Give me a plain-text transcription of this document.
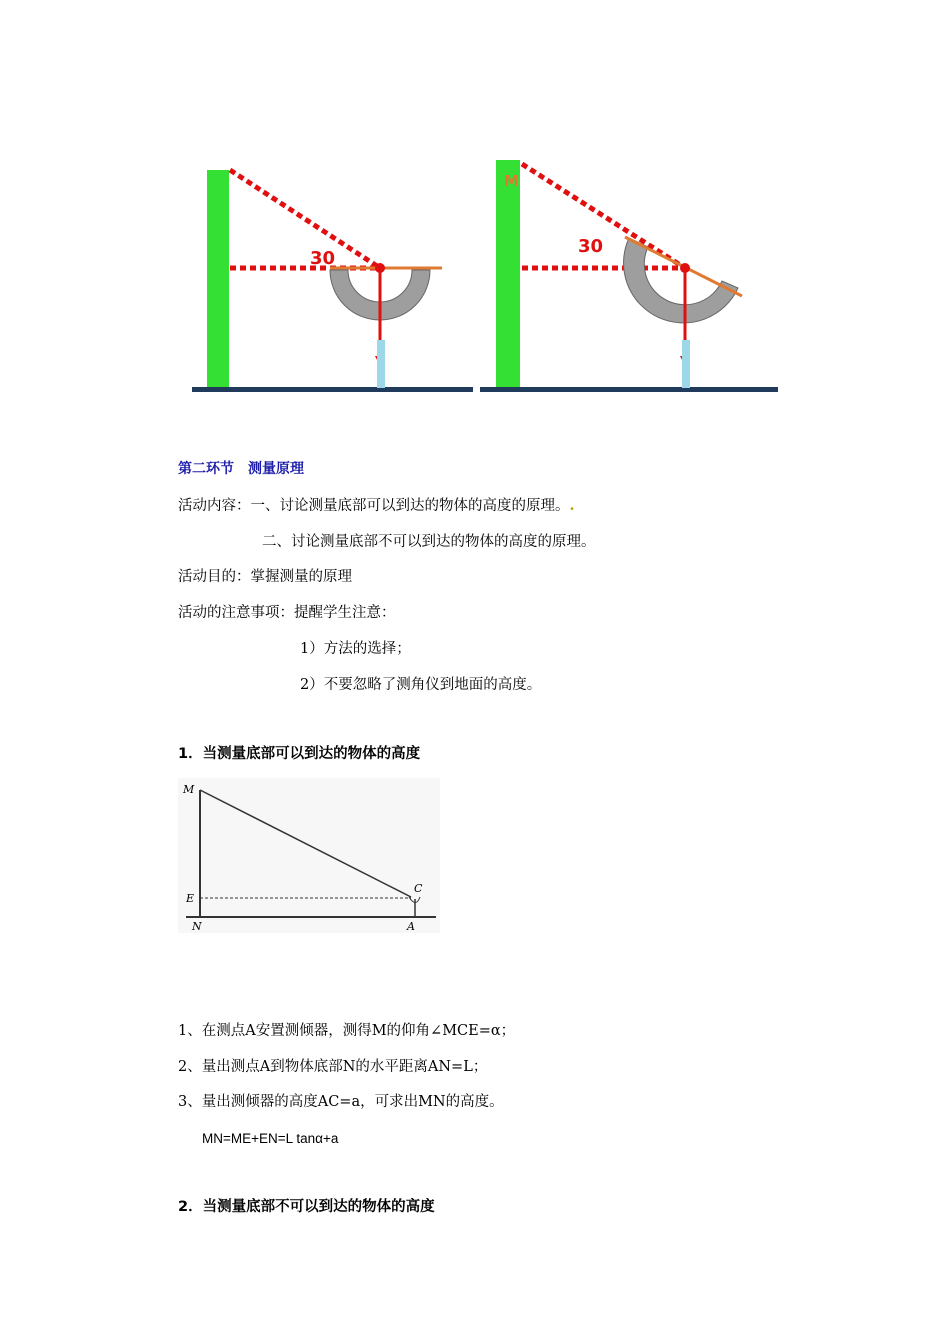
30
M
30
第二环节　测量原理
活动内容：一、讨论测量底部可以到达的物体的高度的原理。.
二、讨论测量底部不可以到达的物体的高度的原理。
活动目的：掌握测量的原理
活动的注意事项：提醒学生注意：
1）方法的选择；
2）不要忽略了测角仪到地面的高度。
1．当测量底部可以到达的物体的高度
M
E
N
C
A
1、在测点A安置测倾器，测得M的仰角∠MCE=α；
2、量出测点A到物体底部N的水平距离AN=L；
3、量出测倾器的高度AC=a，可求出MN的高度。
MN=ME+EN=L tanα+a
2．当测量底部不可以到达的物体的高度
